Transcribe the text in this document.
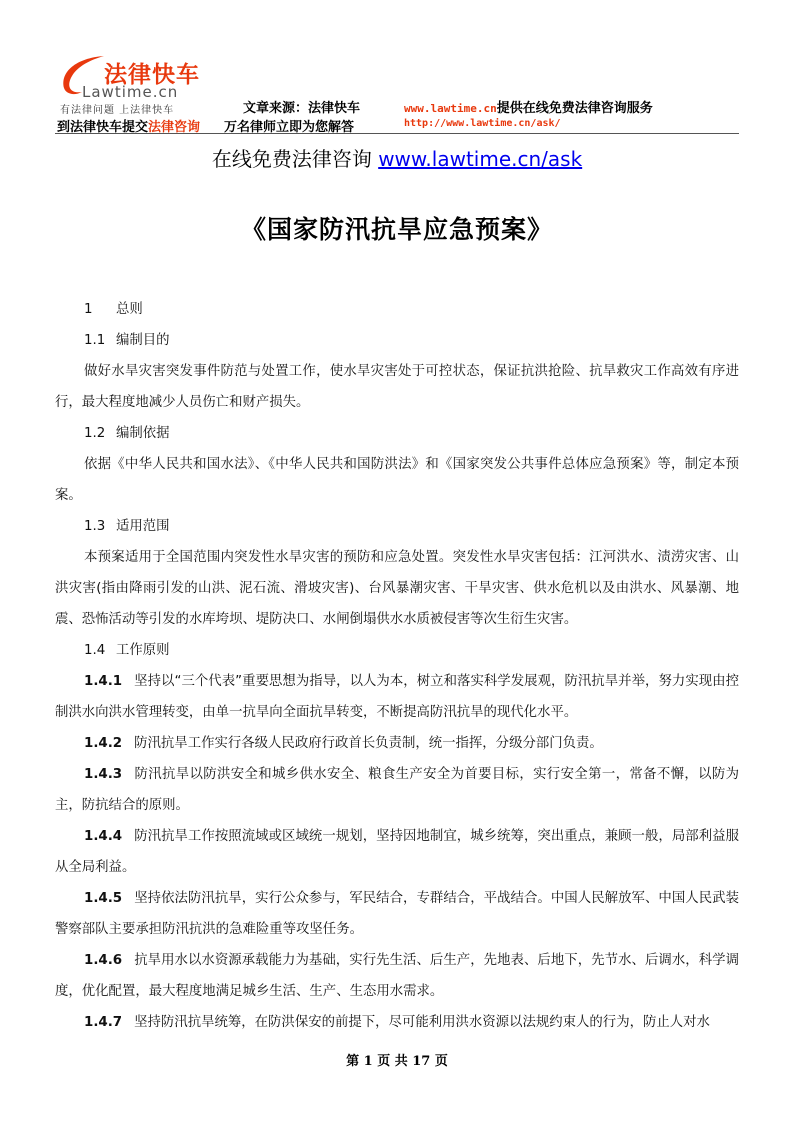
法律快车
Lawtime.cn
有法律问题 上法律快车	文章来源：法律快车
到法律快车提交法律咨询 万名律师立即为您解答
www.lawtime.cn提供在线免费法律咨询服务
http://www.lawtime.cn/ask/
在线免费法律咨询 www.lawtime.cn/ask
《国家防汛抗旱应急预案》

1 总则

1.1 编制目的

做好水旱灾害突发事件防范与处置工作，使水旱灾害处于可控状态，保证抗洪抢险、抗旱救灾工作高效有序进行，最大程度地减少人员伤亡和财产损失。

1.2 编制依据

依据《中华人民共和国水法》、《中华人民共和国防洪法》和《国家突发公共事件总体应急预案》等，制定本预案。

1.3 适用范围

本预案适用于全国范围内突发性水旱灾害的预防和应急处置。突发性水旱灾害包括：江河洪水、渍涝灾害、山洪灾害(指由降雨引发的山洪、泥石流、滑坡灾害)、台风暴潮灾害、干旱灾害、供水危机以及由洪水、风暴潮、地震、恐怖活动等引发的水库垮坝、堤防决口、水闸倒塌供水水质被侵害等次生衍生灾害。

1.4 工作原则

1.4.1 坚持以“三个代表”重要思想为指导，以人为本，树立和落实科学发展观，防汛抗旱并举，努力实现由控制洪水向洪水管理转变，由单一抗旱向全面抗旱转变，不断提高防汛抗旱的现代化水平。

1.4.2 防汛抗旱工作实行各级人民政府行政首长负责制，统一指挥，分级分部门负责。

1.4.3 防汛抗旱以防洪安全和城乡供水安全、粮食生产安全为首要目标，实行安全第一，常备不懈，以防为主，防抗结合的原则。

1.4.4 防汛抗旱工作按照流域或区域统一规划，坚持因地制宜，城乡统筹，突出重点，兼顾一般，局部利益服从全局利益。

1.4.5 坚持依法防汛抗旱，实行公众参与，军民结合，专群结合，平战结合。中国人民解放军、中国人民武装警察部队主要承担防汛抗洪的急难险重等攻坚任务。

1.4.6 抗旱用水以水资源承载能力为基础，实行先生活、后生产，先地表、后地下，先节水、后调水，科学调度，优化配置，最大程度地满足城乡生活、生产、生态用水需求。

1.4.7 坚持防汛抗旱统筹，在防洪保安的前提下，尽可能利用洪水资源以法规约束人的行为，防止人对水

第 1 页 共 17 页
